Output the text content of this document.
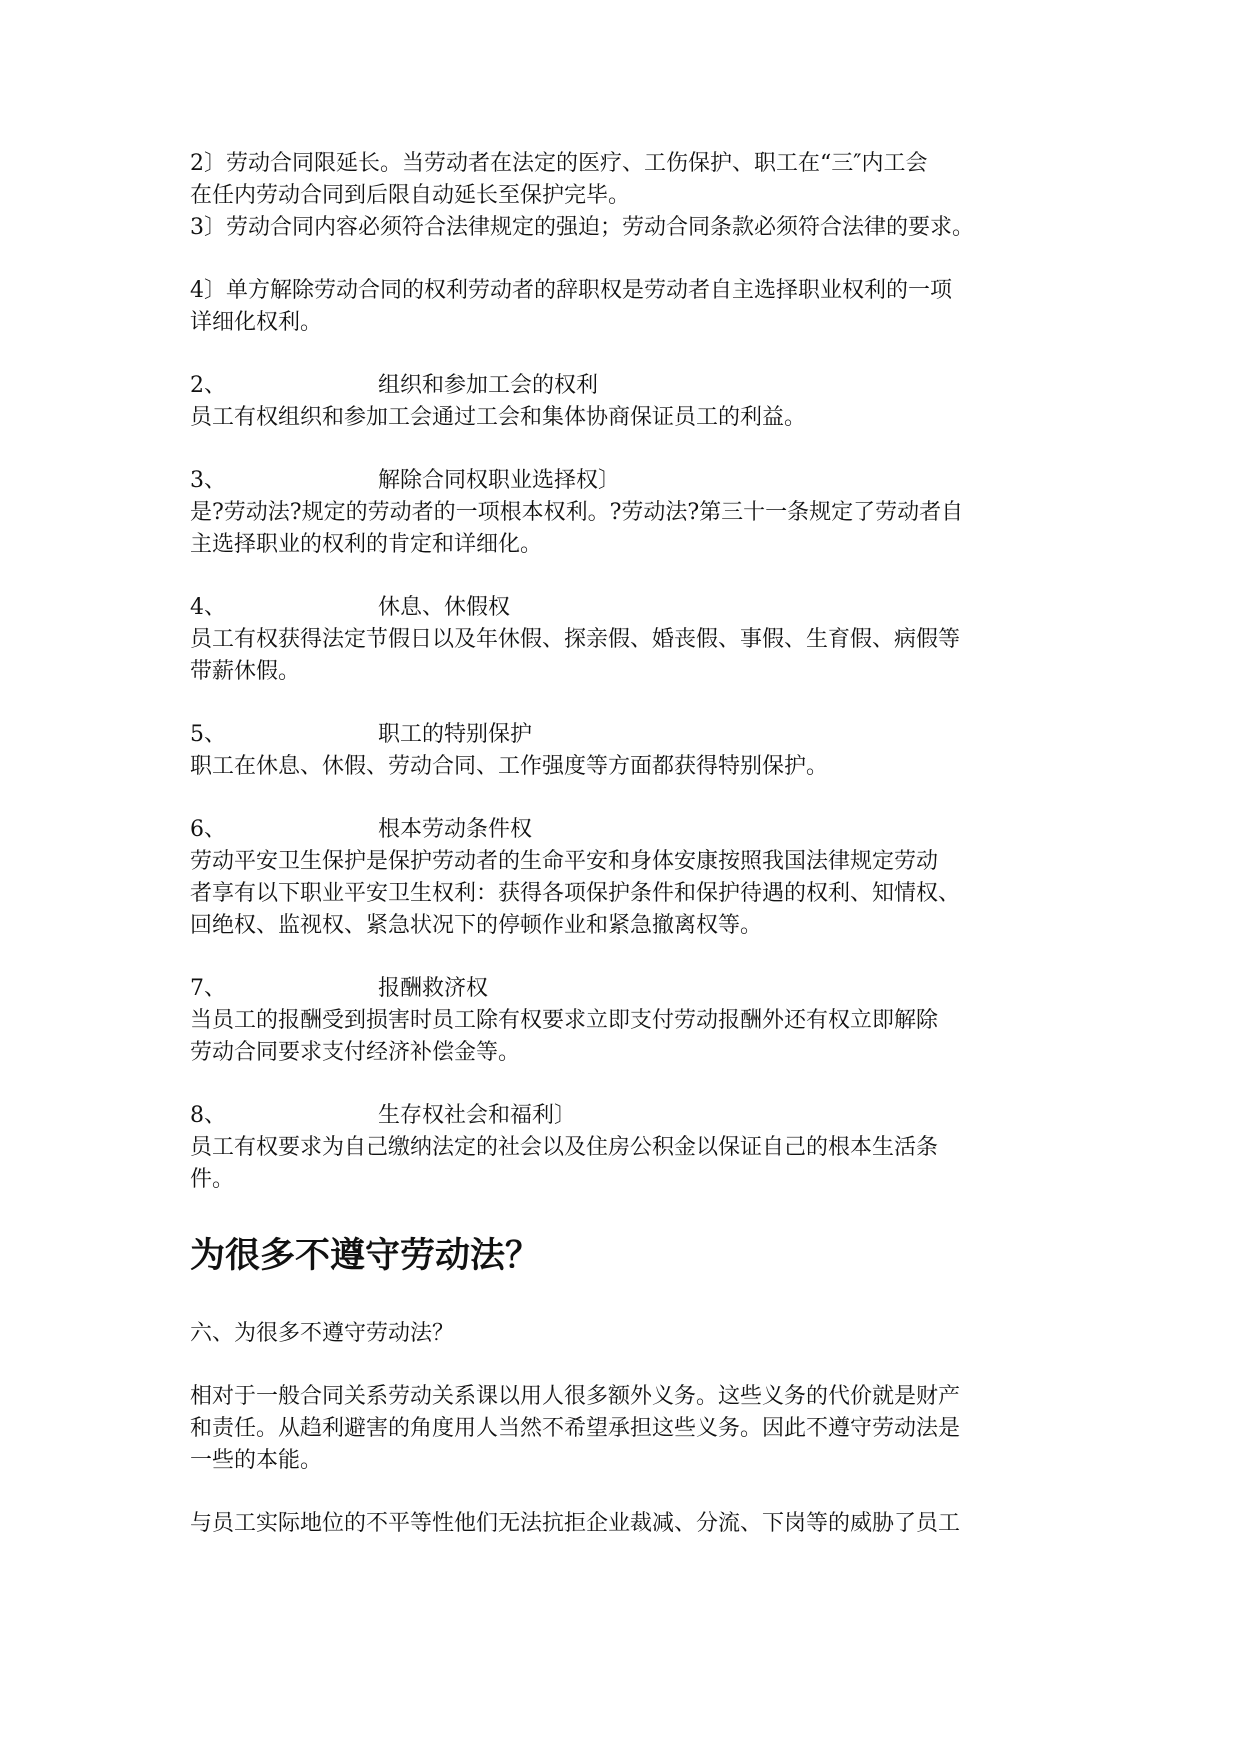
2〕劳动合同限延长。当劳动者在法定的医疗、工伤保护、职工在“三″内工会

在任内劳动合同到后限自动延长至保护完毕。

3〕劳动合同内容必须符合法律规定的强迫；劳动合同条款必须符合法律的要求。

4〕单方解除劳动合同的权利劳动者的辞职权是劳动者自主选择职业权利的一项

详细化权利。

2、	组织和参加工会的权利

员工有权组织和参加工会通过工会和集体协商保证员工的利益。

3、	解除合同权职业选择权〕

是?劳动法?规定的劳动者的一项根本权利。?劳动法?第三十一条规定了劳动者自

主选择职业的权利的肯定和详细化。

4、	休息、休假权

员工有权获得法定节假日以及年休假、探亲假、婚丧假、事假、生育假、病假等

带薪休假。

5、	职工的特别保护

职工在休息、休假、劳动合同、工作强度等方面都获得特别保护。

6、	根本劳动条件权

劳动平安卫生保护是保护劳动者的生命平安和身体安康按照我国法律规定劳动

者享有以下职业平安卫生权利：获得各项保护条件和保护待遇的权利、知情权、

回绝权、监视权、紧急状况下的停顿作业和紧急撤离权等。

7、	报酬救济权

当员工的报酬受到损害时员工除有权要求立即支付劳动报酬外还有权立即解除

劳动合同要求支付经济补偿金等。

8、	生存权社会和福利〕

员工有权要求为自己缴纳法定的社会以及住房公积金以保证自己的根本生活条

件。

为很多不遵守劳动法？

六、为很多不遵守劳动法？

相对于一般合同关系劳动关系课以用人很多额外义务。这些义务的代价就是财产

和责任。从趋利避害的角度用人当然不希望承担这些义务。因此不遵守劳动法是

一些的本能。

与员工实际地位的不平等性他们无法抗拒企业裁减、分流、下岗等的威胁了员工
